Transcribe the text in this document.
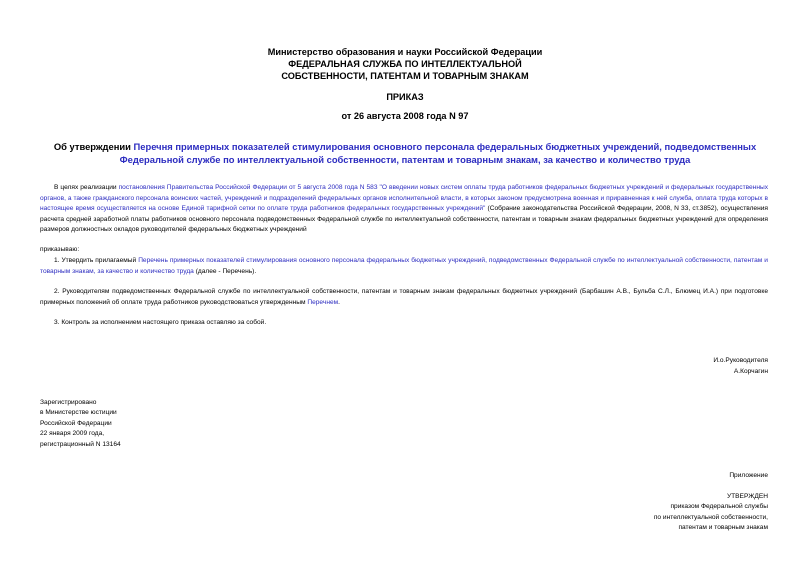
Министерство образования и науки Российской Федерации
ФЕДЕРАЛЬНАЯ СЛУЖБА ПО ИНТЕЛЛЕКТУАЛЬНОЙ
СОБСТВЕННОСТИ, ПАТЕНТАМ И ТОВАРНЫМ ЗНАКАМ
ПРИКАЗ
от 26 августа 2008 года N 97
Об утверждении Перечня примерных показателей стимулирования основного персонала федеральных бюджетных учреждений, подведомственных Федеральной службе по интеллектуальной собственности, патентам и товарным знакам, за качество и количество труда
В целях реализации постановления Правительства Российской Федерации от 5 августа 2008 года N 583 "О введении новых систем оплаты труда работников федеральных бюджетных учреждений и федеральных государственных органов, а также гражданского персонала воинских частей, учреждений и подразделений федеральных органов исполнительной власти, в которых законом предусмотрена военная и приравненная к ней служба, оплата труда которых в настоящее время осуществляется на основе Единой тарифной сетки по оплате труда работников федеральных государственных учреждений" (Собрание законодательства Российской Федерации, 2008, N 33, ст.3852), осуществления расчета средней заработной платы работников основного персонала подведомственных Федеральной службе по интеллектуальной собственности, патентам и товарным знакам федеральных бюджетных учреждений для определения размеров должностных окладов руководителей федеральных бюджетных учреждений
приказываю:
1. Утвердить прилагаемый Перечень примерных показателей стимулирования основного персонала федеральных бюджетных учреждений, подведомственных Федеральной службе по интеллектуальной собственности, патентам и товарным знакам, за качество и количество труда (далее - Перечень).
2. Руководителям подведомственных Федеральной службе по интеллектуальной собственности, патентам и товарным знакам федеральных бюджетных учреждений (Барбашин А.В., Бульба С.Л., Блюмец И.А.) при подготовке примерных положений об оплате труда работников руководствоваться утвержденным Перечнем.
3. Контроль за исполнением настоящего приказа оставляю за собой.
И.о.Руководителя
А.Корчагин
Зарегистрировано
в Министерстве юстиции
Российской Федерации
22 января 2009 года,
регистрационный N 13164
Приложение
УТВЕРЖДЕН
приказом Федеральной службы
по интеллектуальной собственности,
патентам и товарным знакам
